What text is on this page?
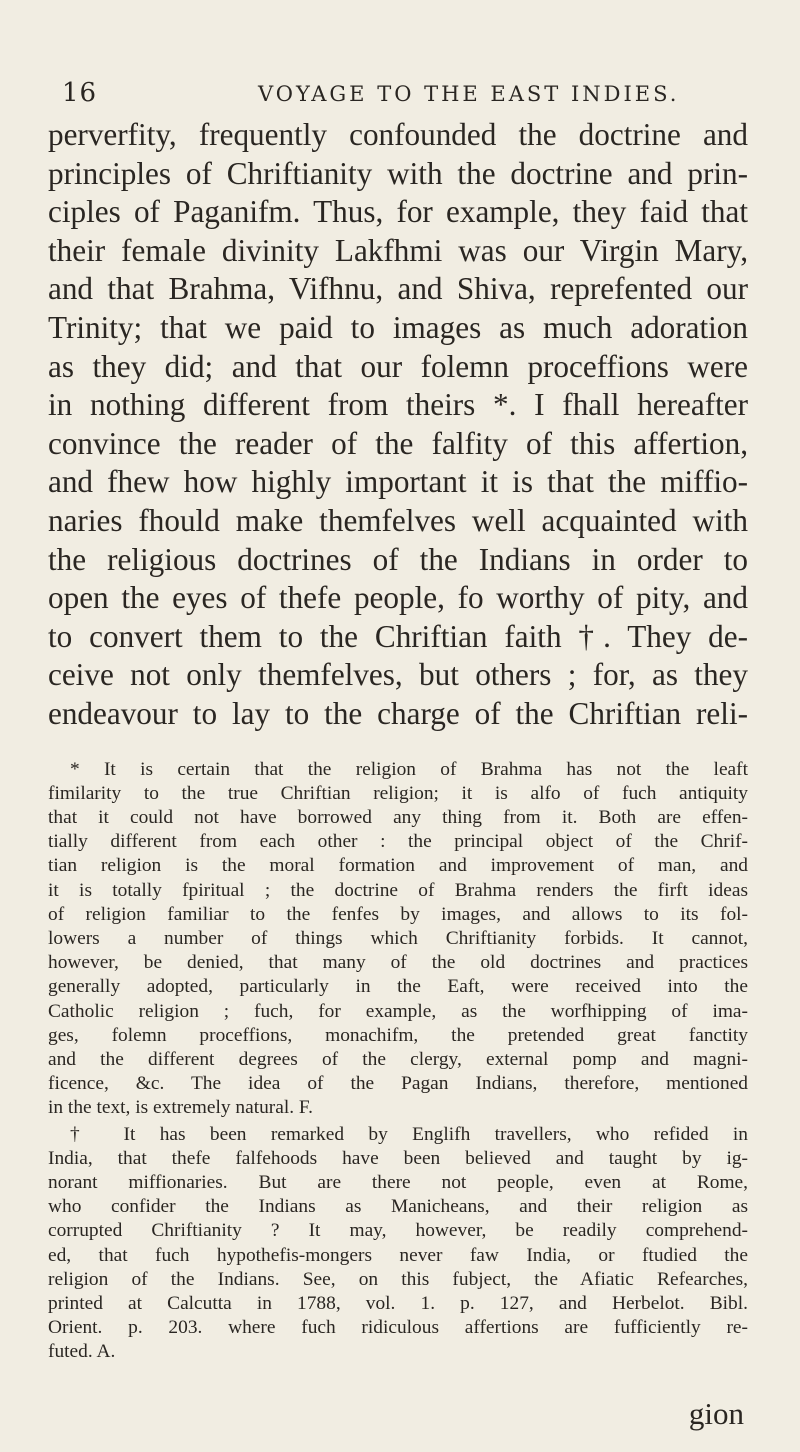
16	VOYAGE TO THE EAST INDIES.
perverfity, frequently confounded the doctrine and
principles of Chriftianity with the doctrine and prin-
ciples of Paganifm. Thus, for example, they faid that
their female divinity Lakfhmi was our Virgin Mary,
and that Brahma, Vifhnu, and Shiva, reprefented our
Trinity; that we paid to images as much adoration
as they did; and that our folemn proceffions were
in nothing different from theirs *. I fhall hereafter
convince the reader of the falfity of this affertion,
and fhew how highly important it is that the miffio-
naries fhould make themfelves well acquainted with
the religious doctrines of the Indians in order to
open the eyes of thefe people, fo worthy of pity, and
to convert them to the Chriftian faith †. They de-
ceive not only themfelves, but others ; for, as they
endeavour to lay to the charge of the Chriftian reli-
* It is certain that the religion of Brahma has not the leaft
fimilarity to the true Chriftian religion; it is alfo of fuch antiquity
that it could not have borrowed any thing from it. Both are effen-
tially different from each other : the principal object of the Chrif-
tian religion is the moral formation and improvement of man, and
it is totally fpiritual ; the doctrine of Brahma renders the firft ideas
of religion familiar to the fenfes by images, and allows to its fol-
lowers a number of things which Chriftianity forbids. It cannot,
however, be denied, that many of the old doctrines and practices
generally adopted, particularly in the Eaft, were received into the
Catholic religion ; fuch, for example, as the worfhipping of ima-
ges, folemn proceffions, monachifm, the pretended great fanctity
and the different degrees of the clergy, external pomp and magni-
ficence, &c. The idea of the Pagan Indians, therefore, mentioned
in the text, is extremely natural. F.
† It has been remarked by Englifh travellers, who refided in
India, that thefe falfehoods have been believed and taught by ig-
norant miffionaries. But are there not people, even at Rome,
who confider the Indians as Manicheans, and their religion as
corrupted Chriftianity ? It may, however, be readily comprehend-
ed, that fuch hypothefis-mongers never faw India, or ftudied the
religion of the Indians. See, on this fubject, the Afiatic Refearches,
printed at Calcutta in 1788, vol. 1. p. 127, and Herbelot. Bibl.
Orient. p. 203. where fuch ridiculous affertions are fufficiently re-
futed. A.
gion
